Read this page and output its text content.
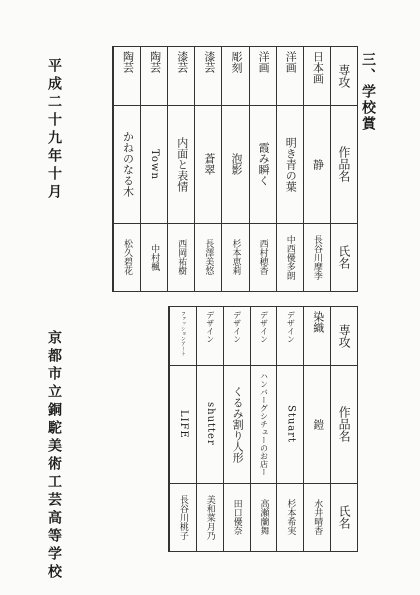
三、学校賞
平成二十九年十月
京都市立銅駝美術工芸高等学校
専攻
作品名
氏名
日本画
静
長谷川摩季
洋画
明き青の葉
中西優多朗
洋画
霞み瞬く
西村穂香
彫刻
泡影
杉本恵莉
漆芸
蒼翠
長澤美悠
漆芸
内面と表情
西岡祐樹
陶芸
Town
中村楓
陶芸
かねのなる木
松久碧花
専攻
作品名
氏名
染織
鎧
水井晴香
デザイン
Stuart
杉本希実
デザイン
ハンバーグシチューのお店ー
高瀬蘭舞
デザイン
くるみ割り人形
田口優奈
デザイン
shutter
美和菜月乃
ファッションアート
LIFE
長谷川桃子
